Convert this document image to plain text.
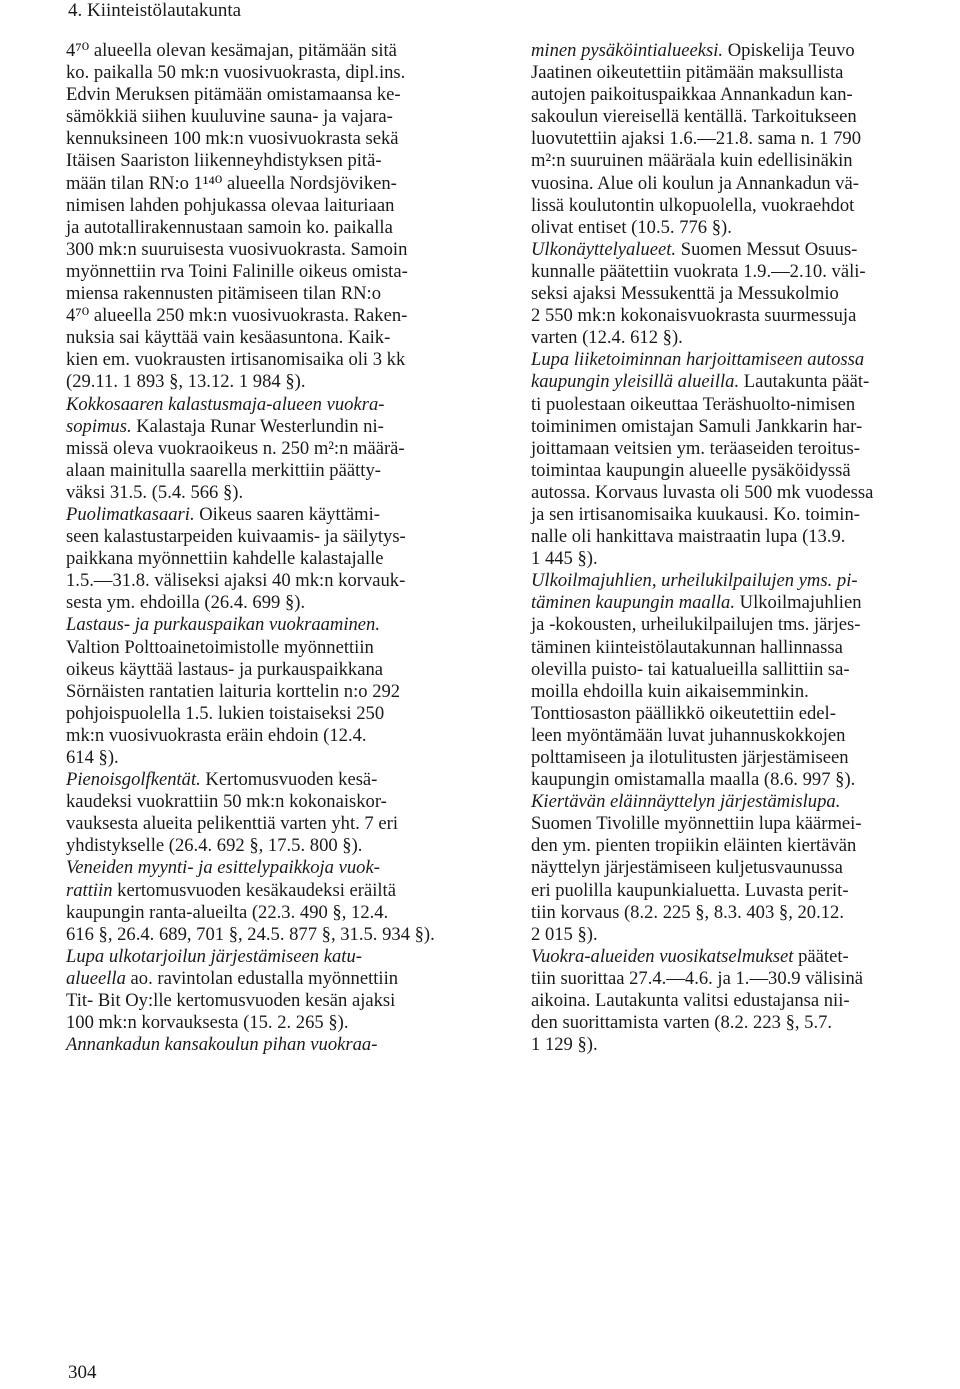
4. Kiinteistölautakunta
4⁷⁰ alueella olevan kesämajan, pitämään sitä
ko. paikalla 50 mk:n vuosivuokrasta, dipl.ins.
Edvin Meruksen pitämään omistamaansa ke-
sämökkiä siihen kuuluvine sauna- ja vajara-
kennuksineen 100 mk:n vuosivuokrasta sekä
Itäisen Saariston liikenneyhdistyksen pitä-
mään tilan RN:o 1¹⁴⁰ alueella Nordsjöviken-
nimisen lahden pohjukassa olevaa laituriaan
ja autotallirakennustaan samoin ko. paikalla
300 mk:n suuruisesta vuosivuokrasta. Samoin
myönnettiin rva Toini Falinille oikeus omista-
miensa rakennusten pitämiseen tilan RN:o
4⁷⁰ alueella 250 mk:n vuosivuokrasta. Raken-
nuksia sai käyttää vain kesäasuntona. Kaik-
kien em. vuokrausten irtisanomisaika oli 3 kk
(29.11. 1 893 §, 13.12. 1 984 §).
Kokkosaaren kalastusmaja-alueen vuokra-
sopimus. Kalastaja Runar Westerlundin ni-
missä oleva vuokraoikeus n. 250 m²:n määrä-
alaan mainitulla saarella merkittiin päätty-
väksi 31.5. (5.4. 566 §).
Puolimatkasaari. Oikeus saaren käyttämi-
seen kalastustarpeiden kuivaamis- ja säilytys-
paikkana myönnettiin kahdelle kalastajalle
1.5.—31.8. väliseksi ajaksi 40 mk:n korvauk-
sesta ym. ehdoilla (26.4. 699 §).
Lastaus- ja purkauspaikan vuokraaminen.
Valtion Polttoainetoimistolle myönnettiin
oikeus käyttää lastaus- ja purkauspaikkana
Sörnäisten rantatien laituria korttelin n:o 292
pohjoispuolella 1.5. lukien toistaiseksi 250
mk:n vuosivuokrasta eräin ehdoin (12.4.
614 §).
Pienoisgolfkentät. Kertomusvuoden kesä-
kaudeksi vuokrattiin 50 mk:n kokonaiskor-
vauksesta alueita pelikenttiä varten yht. 7 eri
yhdistykselle (26.4. 692 §, 17.5. 800 §).
Veneiden myynti- ja esittelypaikkoja vuok-
rattiin kertomusvuoden kesäkaudeksi eräiltä
kaupungin ranta-alueilta (22.3. 490 §, 12.4.
616 §, 26.4. 689, 701 §, 24.5. 877 §, 31.5. 934 §).
Lupa ulkotarjoilun järjestämiseen katu-
alueella ao. ravintolan edustalla myönnettiin
Tit- Bit Oy:lle kertomusvuoden kesän ajaksi
100 mk:n korvauksesta (15. 2. 265 §).
Annankadun kansakoulun pihan vuokraa-
minen pysäköintialueeksi. Opiskelija Teuvo
Jaatinen oikeutettiin pitämään maksullista
autojen paikoituspaikkaa Annankadun kan-
sakoulun viereisellä kentällä. Tarkoitukseen
luovutettiin ajaksi 1.6.—21.8. sama n. 1 790
m²:n suuruinen määräala kuin edellisinäkin
vuosina. Alue oli koulun ja Annankadun vä-
lissä koulutontin ulkopuolella, vuokraehdot
olivat entiset (10.5. 776 §).
Ulkonäyttelyalueet. Suomen Messut Osuus-
kunnalle päätettiin vuokrata 1.9.—2.10. väli-
seksi ajaksi Messukenttä ja Messukolmio
2 550 mk:n kokonaisvuokrasta suurmessuja
varten (12.4. 612 §).
Lupa liiketoiminnan harjoittamiseen autossa
kaupungin yleisillä alueilla. Lautakunta päät-
ti puolestaan oikeuttaa Teräshuolto-nimisen
toiminimen omistajan Samuli Jankkarin har-
joittamaan veitsien ym. teräaseiden teroitus-
toimintaa kaupungin alueelle pysäköidyssä
autossa. Korvaus luvasta oli 500 mk vuodessa
ja sen irtisanomisaika kuukausi. Ko. toimin-
nalle oli hankittava maistraatin lupa (13.9.
1 445 §).
Ulkoilmajuhlien, urheilukilpailujen yms. pi-
täminen kaupungin maalla. Ulkoilmajuhlien
ja -kokousten, urheilukilpailujen tms. järjes-
täminen kiinteistölautakunnan hallinnassa
olevilla puisto- tai katualueilla sallittiin sa-
moilla ehdoilla kuin aikaisemminkin.
Tonttiosaston päällikkö oikeutettiin edel-
leen myöntämään luvat juhannuskokkojen
polttamiseen ja ilotulitusten järjestämiseen
kaupungin omistamalla maalla (8.6. 997 §).
Kiertävän eläinnäyttelyn järjestämislupa.
Suomen Tivolille myönnettiin lupa käärmei-
den ym. pienten tropiikin eläinten kiertävän
näyttelyn järjestämiseen kuljetusvaunussa
eri puolilla kaupunkialuetta. Luvasta perit-
tiin korvaus (8.2. 225 §, 8.3. 403 §, 20.12.
2 015 §).
Vuokra-alueiden vuosikatselmukset päätet-
tiin suorittaa 27.4.—4.6. ja 1.—30.9 välisinä
aikoina. Lautakunta valitsi edustajansa nii-
den suorittamista varten (8.2. 223 §, 5.7.
1 129 §).
304
